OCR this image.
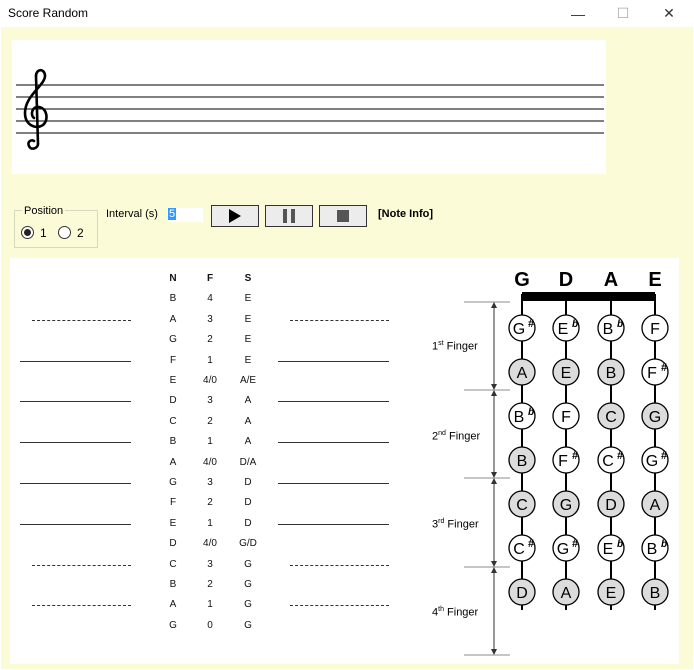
Score Random	— ☐ ✕
Position
1	2
Interval (s) 5	[Note Info]
N	F	S
B	4	E
A	3	E
G	2	E
F	1	E
E	4/0	A/E
D	3	A
C	2	A
B	1	A
A	4/0	D/A
G	3	D
F	2	D
E	1	D
D	4/0	G/D
C	3	G
B	2	G
A	1	G
G	0	G
G D A E
G # E b B b F
A E B F #
B b F C G
B F # C # G #
C G D A
C # G # E b B b
D A E B
1st Finger
2nd Finger
3rd Finger
4th Finger
